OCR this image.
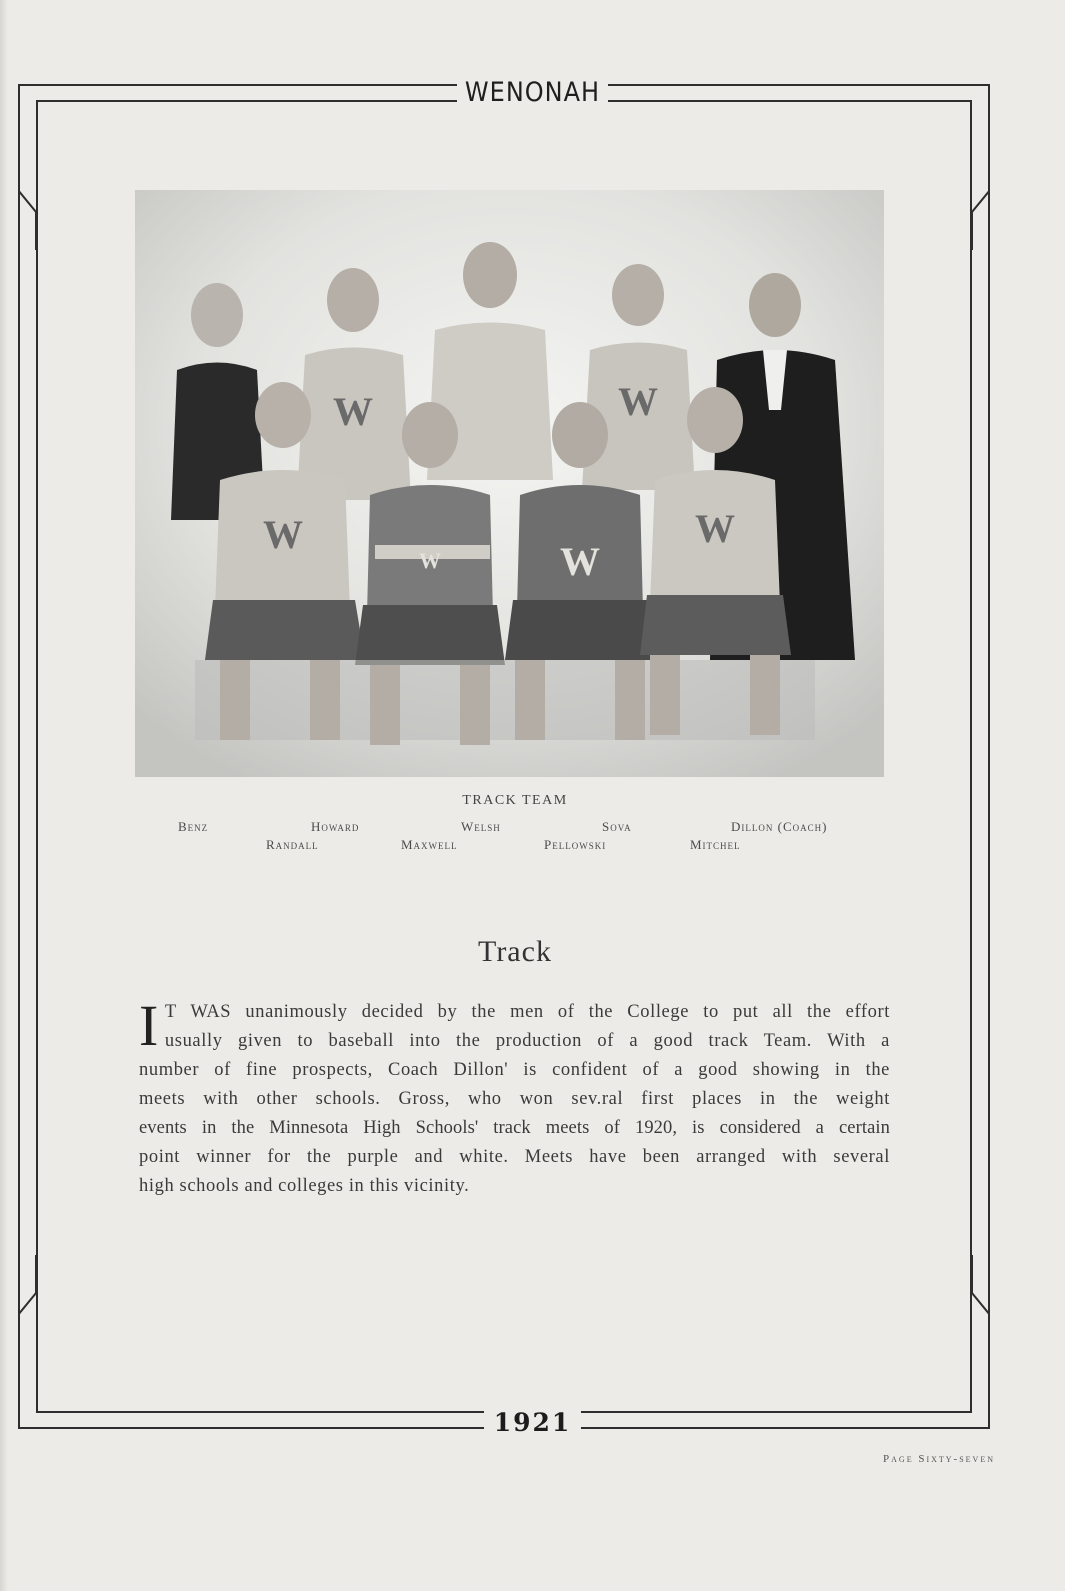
WENONAH
W	W
W	W
W	W
TRACK TEAM
Benz	Howard	Welsh	Sova	Dillon (Coach)
Randall	Maxwell	Pellowski	Mitchel
Track
I T WAS unanimously decided by the men of the College to put all the effort
usually given to baseball into the production of a good track Team. With a
number of fine prospects, Coach Dillon' is confident of a good showing in the
meets with other schools. Gross, who won sev.ral first places in the weight
events in the Minnesota High Schools' track meets of 1920, is considered a certain
point winner for the purple and white. Meets have been arranged with several
high schools and colleges in this vicinity.
1921
Page Sixty-seven
